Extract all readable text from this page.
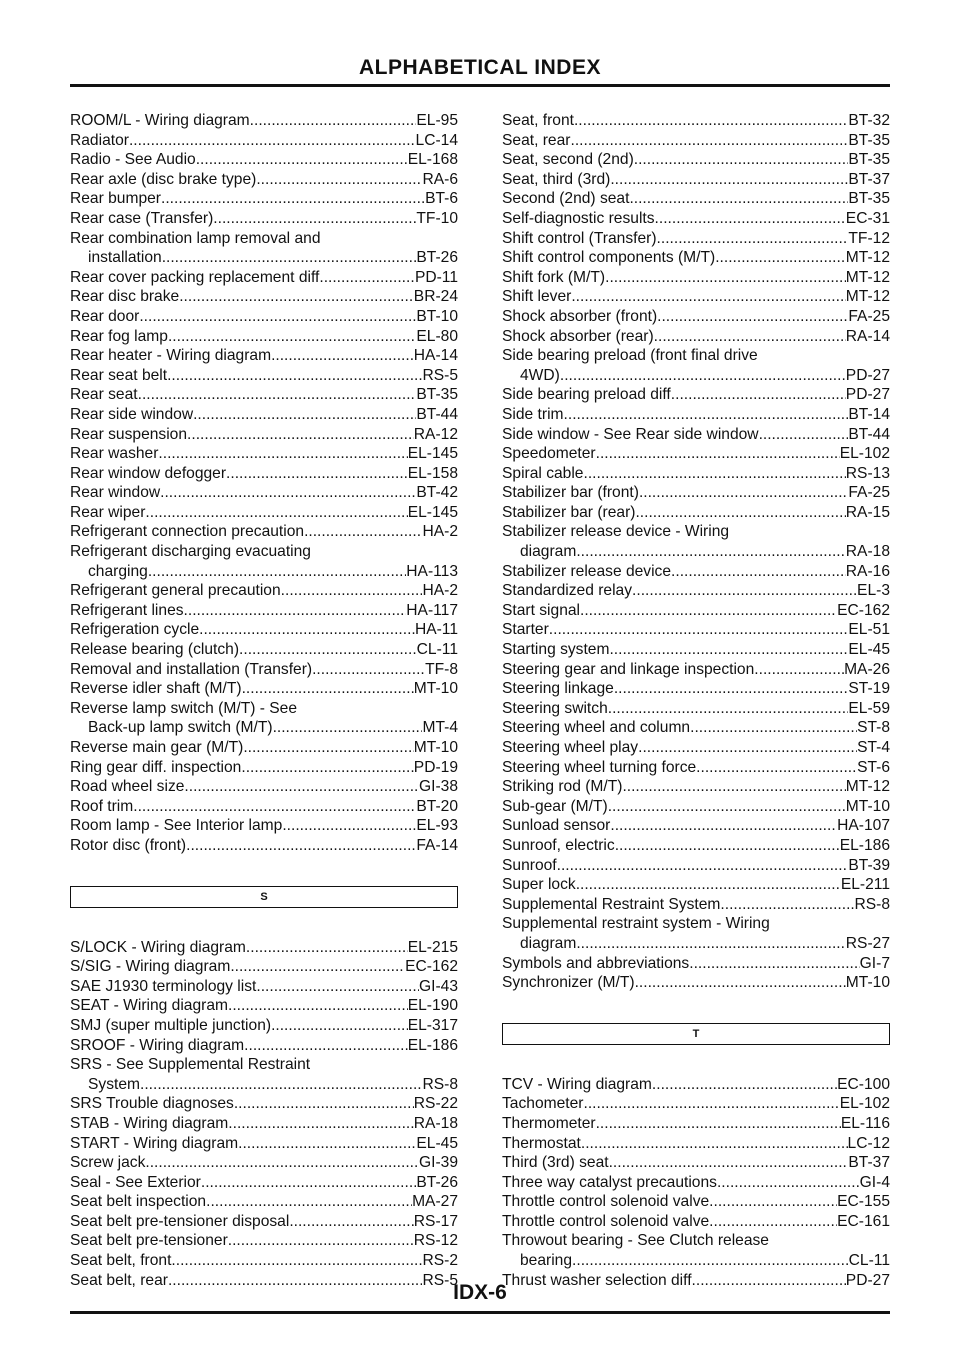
ALPHABETICAL INDEX
ROOM/L - Wiring diagram .....	EL-95
Radiator .....	LC-14
Radio - See Audio .....	EL-168
Rear axle (disc brake type) .....	RA-6
Rear bumper .....	BT-6
Rear case (Transfer) .....	TF-10
Rear combination lamp removal and
installation .....	BT-26
Rear cover packing replacement diff. .....	PD-11
Rear disc brake .....	BR-24
Rear door .....	BT-10
Rear fog lamp .....	EL-80
Rear heater - Wiring diagram .....	HA-14
Rear seat belt .....	RS-5
Rear seat .....	BT-35
Rear side window .....	BT-44
Rear suspension .....	RA-12
Rear washer .....	EL-145
Rear window defogger .....	EL-158
Rear window .....	BT-42
Rear wiper .....	EL-145
Refrigerant connection precaution .....	HA-2
Refrigerant discharging evacuating
charging .....	HA-113
Refrigerant general precaution .....	HA-2
Refrigerant lines .....	HA-117
Refrigeration cycle .....	HA-11
Release bearing (clutch) .....	CL-11
Removal and installation (Transfer) .....	TF-8
Reverse idler shaft (M/T) .....	MT-10
Reverse lamp switch (M/T) - See
Back-up lamp switch (M/T) .....	MT-4
Reverse main gear (M/T) .....	MT-10
Ring gear diff. inspection .....	PD-19
Road wheel size .....	GI-38
Roof trim .....	BT-20
Room lamp - See Interior lamp .....	EL-93
Rotor disc (front) .....	FA-14
S
S/LOCK - Wiring diagram .....	EL-215
S/SIG - Wiring diagram .....	EC-162
SAE J1930 terminology list .....	GI-43
SEAT - Wiring diagram .....	EL-190
SMJ (super multiple junction) .....	EL-317
SROOF - Wiring diagram .....	EL-186
SRS - See Supplemental Restraint
System .....	RS-8
SRS Trouble diagnoses .....	RS-22
STAB - Wiring diagram .....	RA-18
START - Wiring diagram .....	EL-45
Screw jack .....	GI-39
Seal - See Exterior .....	BT-26
Seat belt inspection .....	MA-27
Seat belt pre-tensioner disposal .....	RS-17
Seat belt pre-tensioner .....	RS-12
Seat belt, front .....	RS-2
Seat belt, rear .....	RS-5
Seat, front .....	BT-32
Seat, rear .....	BT-35
Seat, second (2nd) .....	BT-35
Seat, third (3rd) .....	BT-37
Second (2nd) seat .....	BT-35
Self-diagnostic results .....	EC-31
Shift control (Transfer) .....	TF-12
Shift control components (M/T) .....	MT-12
Shift fork (M/T) .....	MT-12
Shift lever .....	MT-12
Shock absorber (front) .....	FA-25
Shock absorber (rear) .....	RA-14
Side bearing preload (front final drive
4WD) .....	PD-27
Side bearing preload diff. .....	PD-27
Side trim .....	BT-14
Side window - See Rear side window .....	BT-44
Speedometer .....	EL-102
Spiral cable .....	RS-13
Stabilizer bar (front) .....	FA-25
Stabilizer bar (rear) .....	RA-15
Stabilizer release device - Wiring
diagram .....	RA-18
Stabilizer release device .....	RA-16
Standardized relay .....	EL-3
Start signal .....	EC-162
Starter .....	EL-51
Starting system .....	EL-45
Steering gear and linkage inspection .....	MA-26
Steering linkage .....	ST-19
Steering switch .....	EL-59
Steering wheel and column .....	ST-8
Steering wheel play .....	ST-4
Steering wheel turning force .....	ST-6
Striking rod (M/T) .....	MT-12
Sub-gear (M/T) .....	MT-10
Sunload sensor .....	HA-107
Sunroof, electric .....	EL-186
Sunroof .....	BT-39
Super lock .....	EL-211
Supplemental Restraint System .....	RS-8
Supplemental restraint system - Wiring
diagram .....	RS-27
Symbols and abbreviations .....	GI-7
Synchronizer (M/T) .....	MT-10
T
TCV - Wiring diagram .....	EC-100
Tachometer .....	EL-102
Thermometer .....	EL-116
Thermostat .....	LC-12
Third (3rd) seat .....	BT-37
Three way catalyst precautions .....	GI-4
Throttle control solenoid valve .....	EC-155
Throttle control solenoid valve .....	EC-161
Throwout bearing - See Clutch release
bearing .....	CL-11
Thrust washer selection diff. .....	PD-27
IDX-6
